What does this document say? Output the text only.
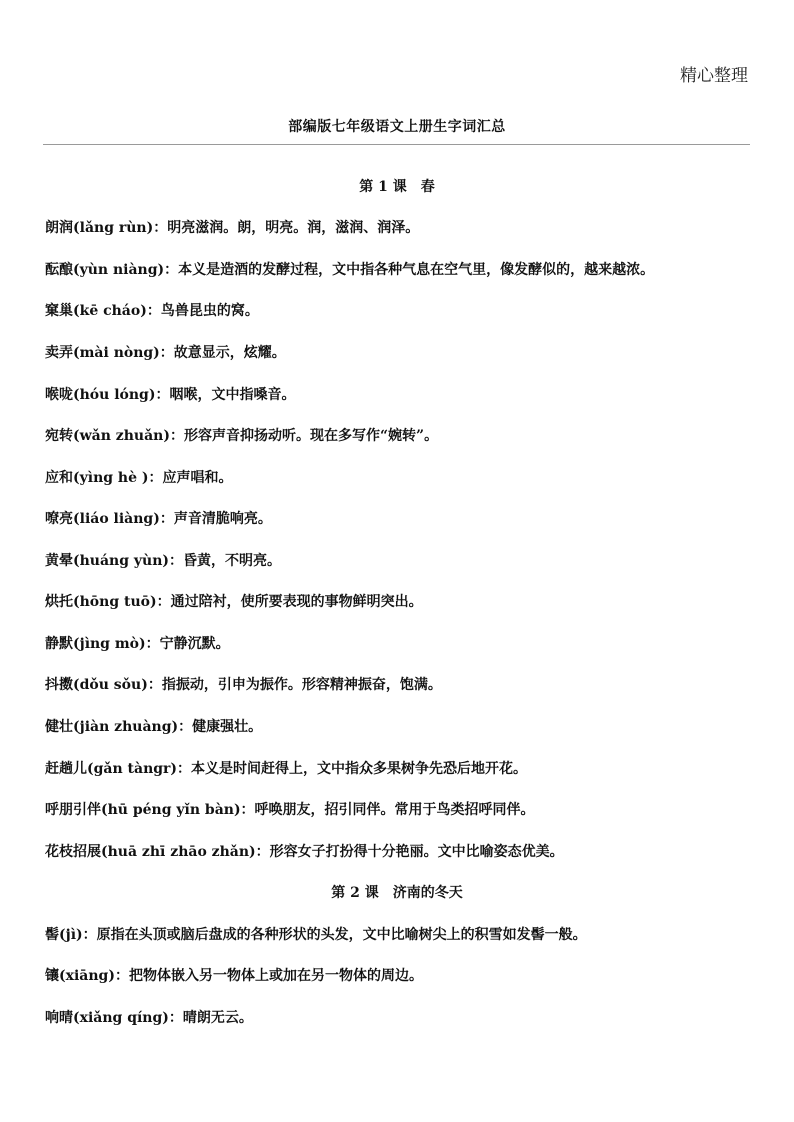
精心整理
部编版七年级语文上册生字词汇总
第 1 课　春
朗润(lǎng rùn)：明亮滋润。朗，明亮。润，滋润、润泽。
酝酿(yùn niàng)：本义是造酒的发酵过程，文中指各种气息在空气里，像发酵似的，越来越浓。
窠巢(kē cháo)：鸟兽昆虫的窝。
卖弄(mài nòng)：故意显示，炫耀。
喉咙(hóu lóng)：咽喉，文中指嗓音。
宛转(wǎn zhuǎn)：形容声音抑扬动听。现在多写作“婉转”。
应和(yìng hè )：应声唱和。
嘹亮(liáo liàng)：声音清脆响亮。
黄晕(huáng yùn)：昏黄，不明亮。
烘托(hōng tuō)：通过陪衬，使所要表现的事物鲜明突出。
静默(jìng mò)：宁静沉默。
抖擞(dǒu sǒu)：指振动，引申为振作。形容精神振奋，饱满。
健壮(jiàn zhuàng)：健康强壮。
赶趟儿(gǎn tàngr)：本义是时间赶得上，文中指众多果树争先恐后地开花。
呼朋引伴(hū péng yǐn bàn)：呼唤朋友，招引同伴。常用于鸟类招呼同伴。
花枝招展(huā zhī zhāo zhǎn)：形容女子打扮得十分艳丽。文中比喻姿态优美。
第 2 课　济南的冬天
髻(jì)：原指在头顶或脑后盘成的各种形状的头发，文中比喻树尖上的积雪如发髻一般。
镶(xiāng)：把物体嵌入另一物体上或加在另一物体的周边。
响晴(xiǎng qíng)：晴朗无云。
